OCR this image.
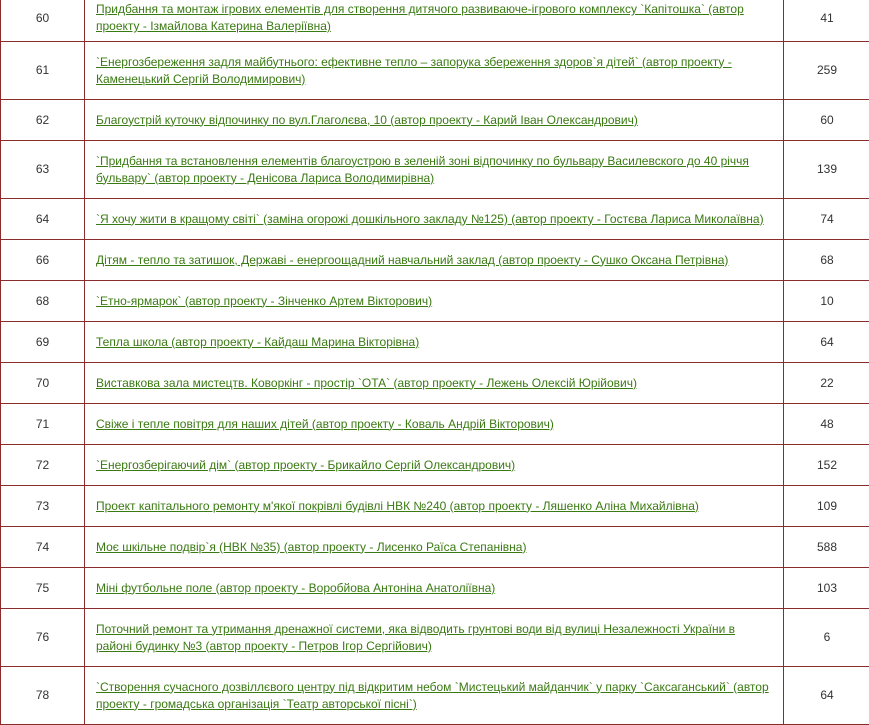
60	Придбання та монтаж ігрових елементів для створення дитячого развиваюче-ігрового комплексу `Капітошка` (автор проекту - Ізмайлова Катерина Валеріївна)	41
61	`Енергозбереження задля майбутнього: ефективне тепло – запорука збереження здоров`я дітей` (автор проекту - Каменецький Сергій Володимирович)	259
62	Благоустрій куточку відпочинку по вул.Глаголєва, 10 (автор проекту - Карий Іван Олександрович)	60
63	`Придбання та встановлення елементів благоустрою в зеленій зоні відпочинку по бульвару Василевского до 40 річчя бульвару` (автор проекту - Денісова Лариса Володимирівна)	139
64	`Я хочу жити в кращому світі` (заміна огорожі дошкільного закладу №125) (автор проекту - Гостєва Лариса Миколаївна)	74
66	Дітям - тепло та затишок, Державі - енергоощадний навчальний заклад (автор проекту - Сушко Оксана Петрівна)	68
68	`Етно-ярмарок` (автор проекту - Зінченко Артем Вікторович)	10
69	Тепла школа (автор проекту - Кайдаш Марина Вікторівна)	64
70	Виставкова зала мистецтв. Коворкінг - простір `ОТА` (автор проекту - Лежень Олексій Юрійович)	22
71	Свіже і тепле повітря для наших дітей (автор проекту - Коваль Андрій Вікторович)	48
72	`Енергозберігаючий дім` (автор проекту - Брикайло Сергій Олександрович)	152
73	Проект капітального ремонту м'якої покрівлі будівлі НВК №240 (автор проекту - Ляшенко Аліна Михайлівна)	109
74	Моє шкільне подвір`я (НВК №35) (автор проекту - Лисенко Раїса Степанівна)	588
75	Міні футбольне поле (автор проекту - Воробйова Антоніна Анатоліївна)	103
76	Поточний ремонт та утримання дренажної системи, яка відводить грунтові води від вулиці Незалежності України в районі будинку №3 (автор проекту - Петров Ігор Сергійович)	6
78	`Створення сучасного дозвіллєвого центру під відкритим небом `Мистецький майданчик` у парку `Саксаганський` (автор проекту - громадська організація `Театр авторської пісні`)	64
